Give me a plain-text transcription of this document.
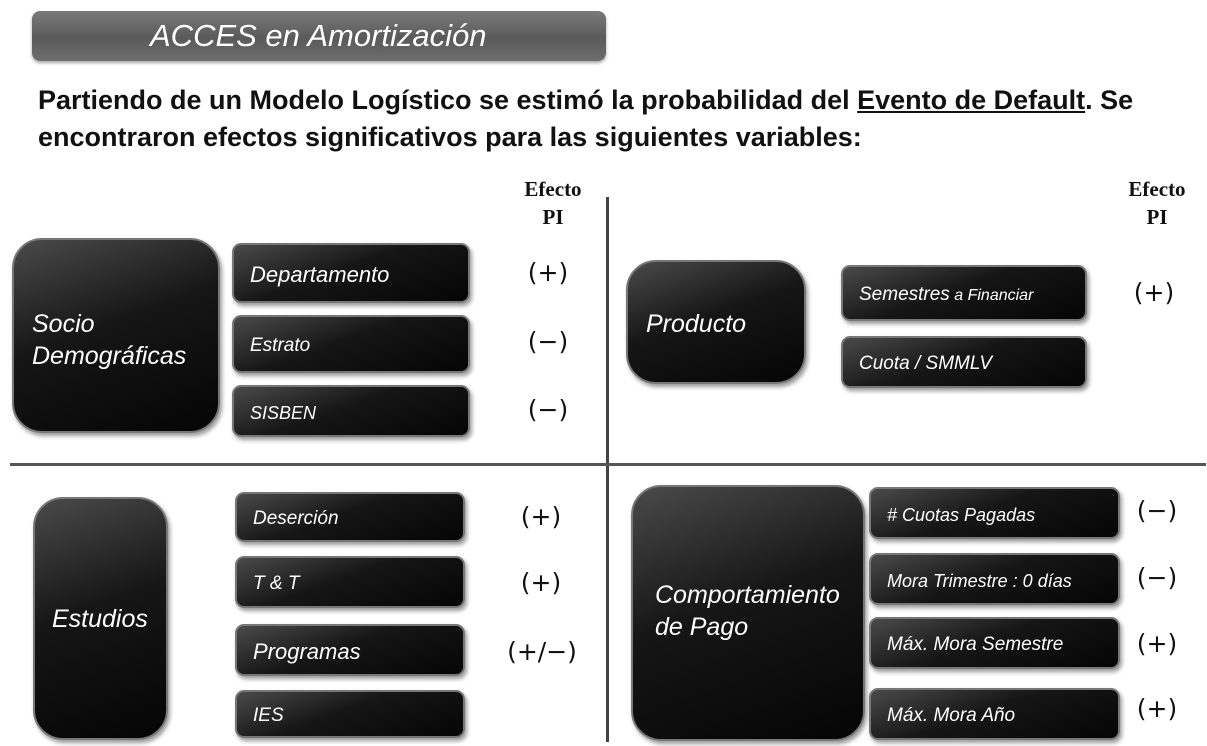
ACCES en Amortización

Partiendo de un Modelo Logístico se estimó la probabilidad del Evento de Default. Se encontraron efectos significativos para las siguientes variables:

Efecto
PI
Efecto
PI
Socio
Demográficas
Departamento
Estrato
SISBEN
(+)
(−)
(−)
Producto
Semestres a Financiar
Cuota / SMMLV
(+)
Estudios
Deserción
T & T
Programas
IES
(+)
(+)
(+/−)
Comportamiento
de Pago
# Cuotas Pagadas
Mora Trimestre : 0 días
Máx. Mora Semestre
Máx. Mora Año
(−)
(−)
(+)
(+)
